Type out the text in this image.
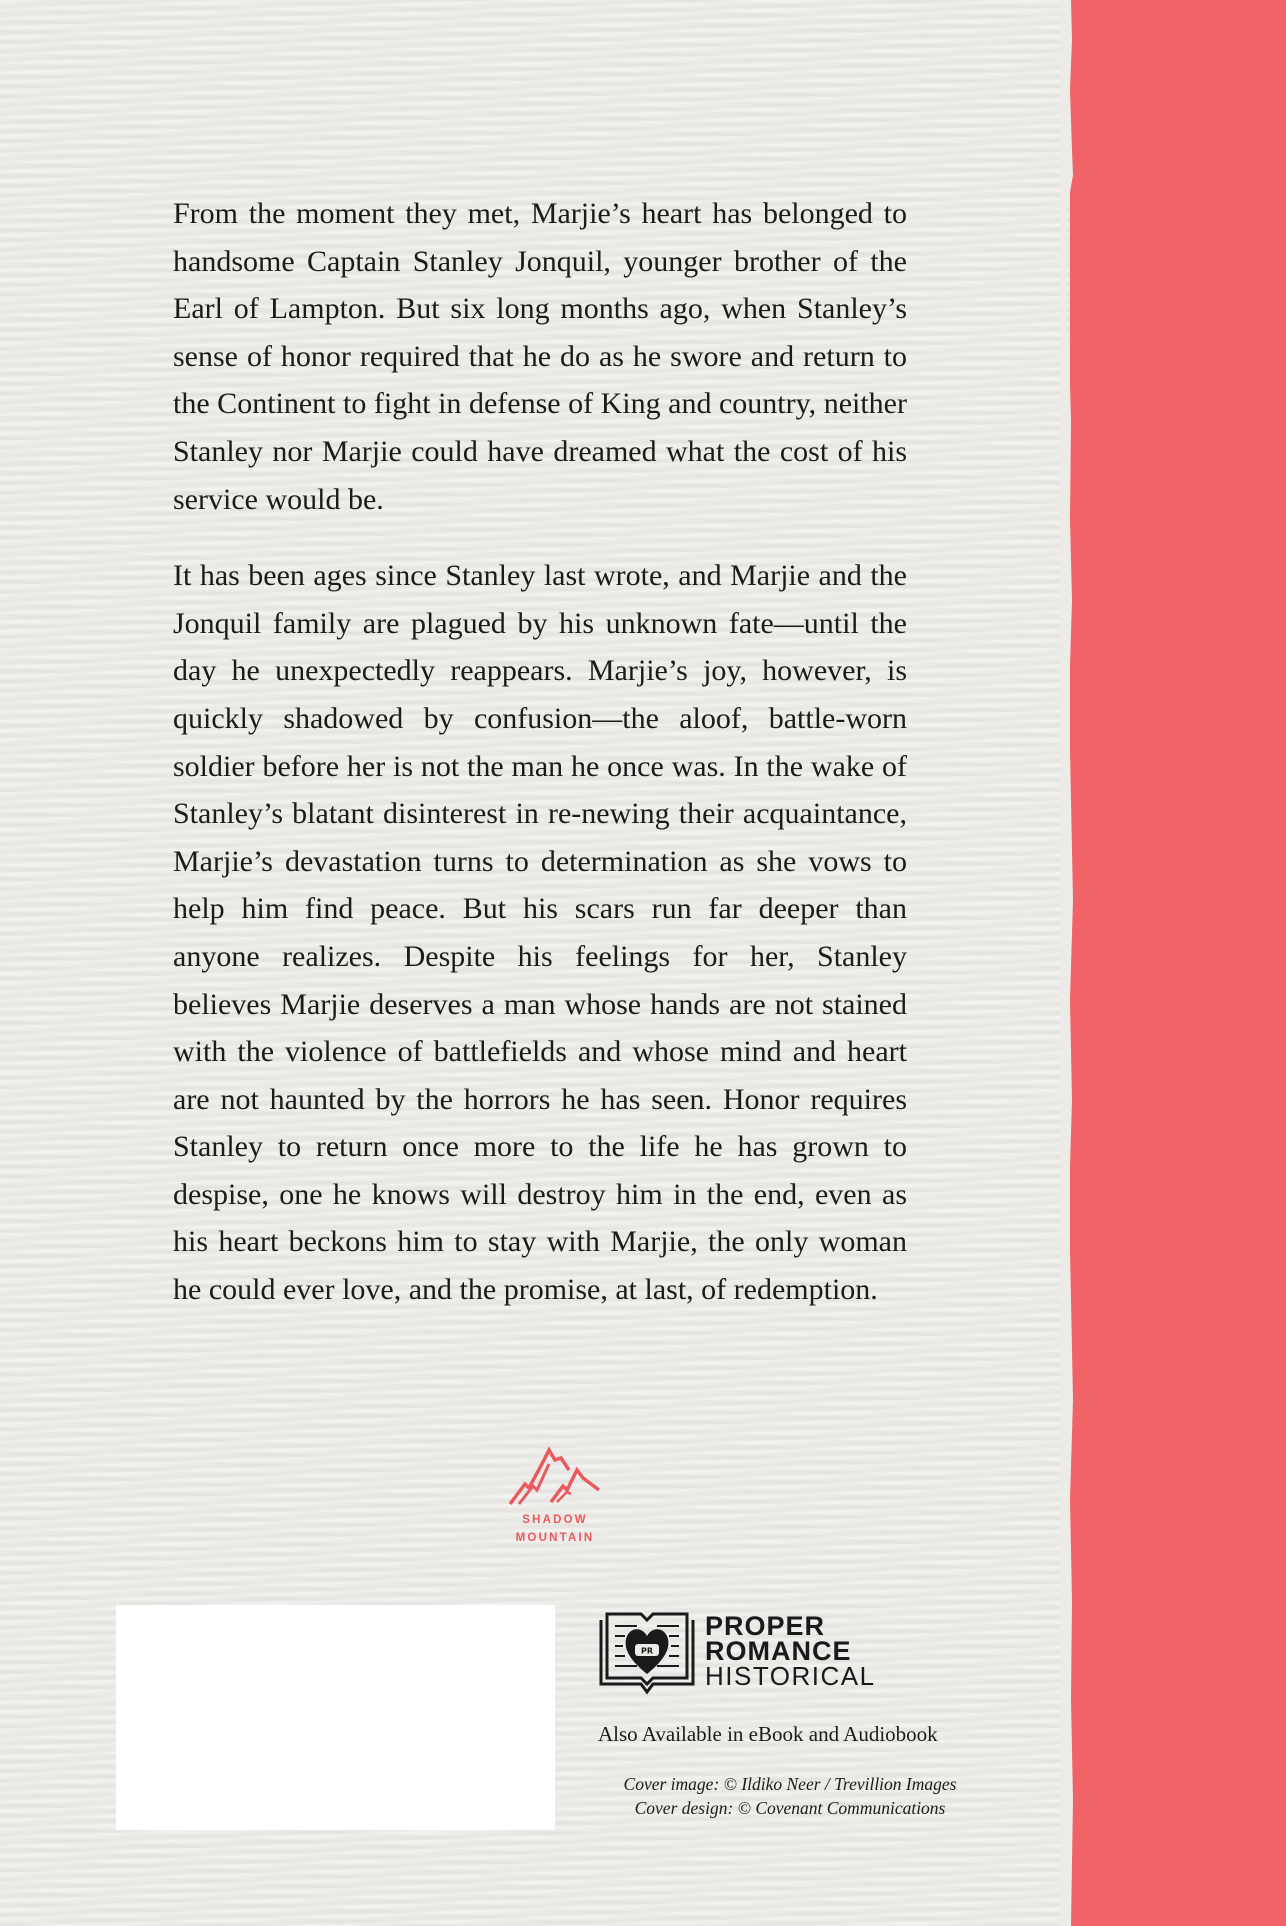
From the moment they met, Marjie’s heart has belonged to handsome Captain Stanley Jonquil, younger brother of the Earl of Lampton. But six long months ago, when Stanley’s sense of honor required that he do as he swore and return to the Continent to fight in defense of King and country, neither Stanley nor Marjie could have dreamed what the cost of his service would be.

It has been ages since Stanley last wrote, and Marjie and the Jonquil family are plagued by his unknown fate—until the day he unexpectedly reappears. Marjie’s joy, however, is quickly shadowed by confusion—the aloof, battle-worn soldier before her is not the man he once was. In the wake of Stanley’s blatant disinterest in re-newing their acquaintance, Marjie’s devastation turns to determination as she vows to help him find peace. But his scars run far deeper than anyone realizes. Despite his feelings for her, Stanley believes Marjie deserves a man whose hands are not stained with the violence of battlefields and whose mind and heart are not haunted by the horrors he has seen. Honor requires Stanley to return once more to the life he has grown to despise, one he knows will destroy him in the end, even as his heart beckons him to stay with Marjie, the only woman he could ever love, and the promise, at last, of redemption.

SHADOW
MOUNTAIN
PR
PROPER
ROMANCE
HISTORICAL
Also Available in eBook and Audiobook
Cover image: © Ildiko Neer / Trevillion Images
Cover design: © Covenant Communications
